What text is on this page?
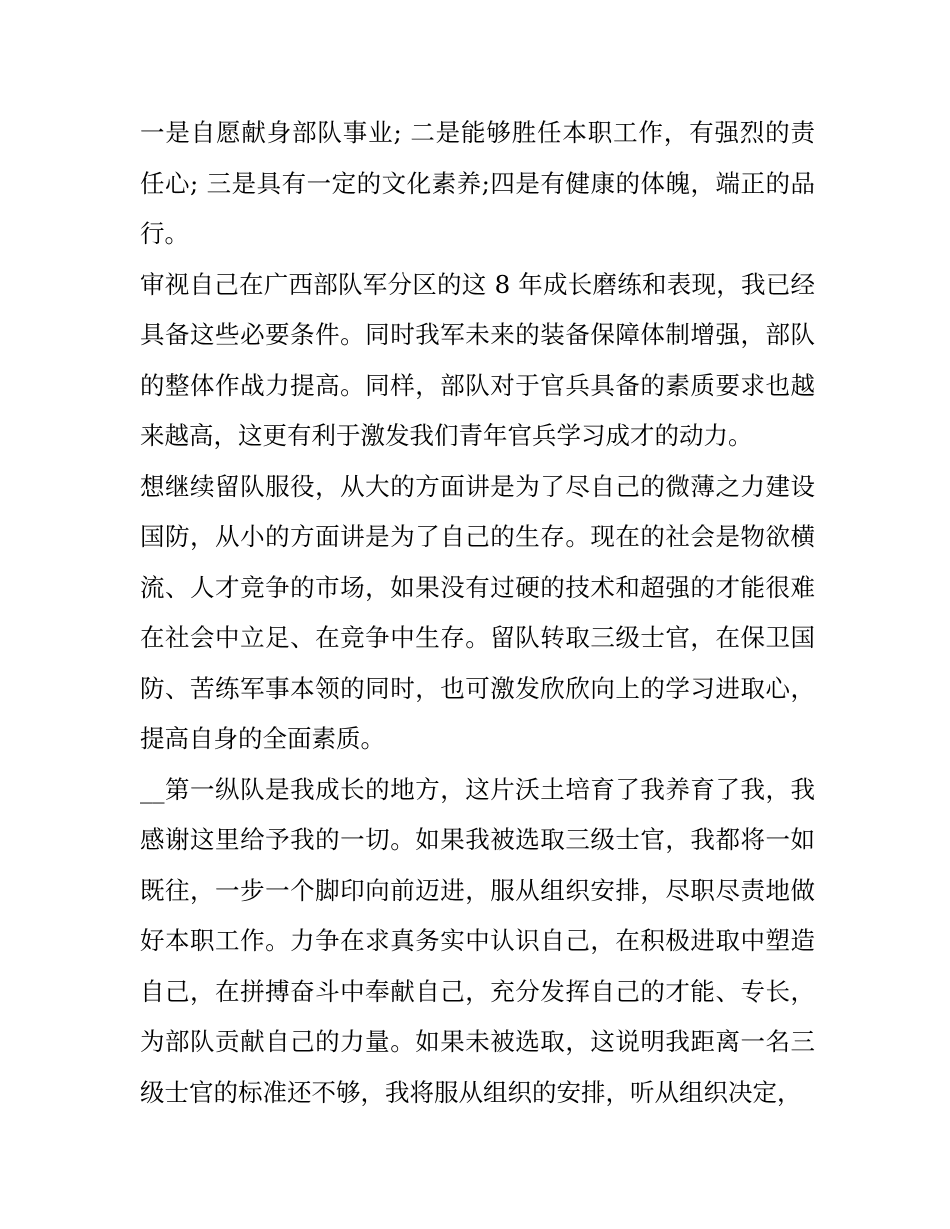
一是自愿献身部队事业; 二是能够胜任本职工作，有强烈的责任心; 三是具有一定的文化素养;四是有健康的体魄，端正的品行。

审视自己在广西部队军分区的这 8 年成长磨练和表现，我已经具备这些必要条件。同时我军未来的装备保障体制增强，部队的整体作战力提高。同样，部队对于官兵具备的素质要求也越来越高，这更有利于激发我们青年官兵学习成才的动力。

想继续留队服役，从大的方面讲是为了尽自己的微薄之力建设国防，从小的方面讲是为了自己的生存。现在的社会是物欲横流、人才竞争的市场，如果没有过硬的技术和超强的才能很难在社会中立足、在竞争中生存。留队转取三级士官，在保卫国防、苦练军事本领的同时，也可激发欣欣向上的学习进取心，提高自身的全面素质。

__第一纵队是我成长的地方，这片沃土培育了我养育了我，我感谢这里给予我的一切。如果我被选取三级士官，我都将一如既往，一步一个脚印向前迈进，服从组织安排，尽职尽责地做好本职工作。力争在求真务实中认识自己，在积极进取中塑造自己，在拼搏奋斗中奉献自己，充分发挥自己的才能、专长，为部队贡献自己的力量。如果未被选取，这说明我距离一名三级士官的标准还不够，我将服从组织的安排，听从组织决定，
